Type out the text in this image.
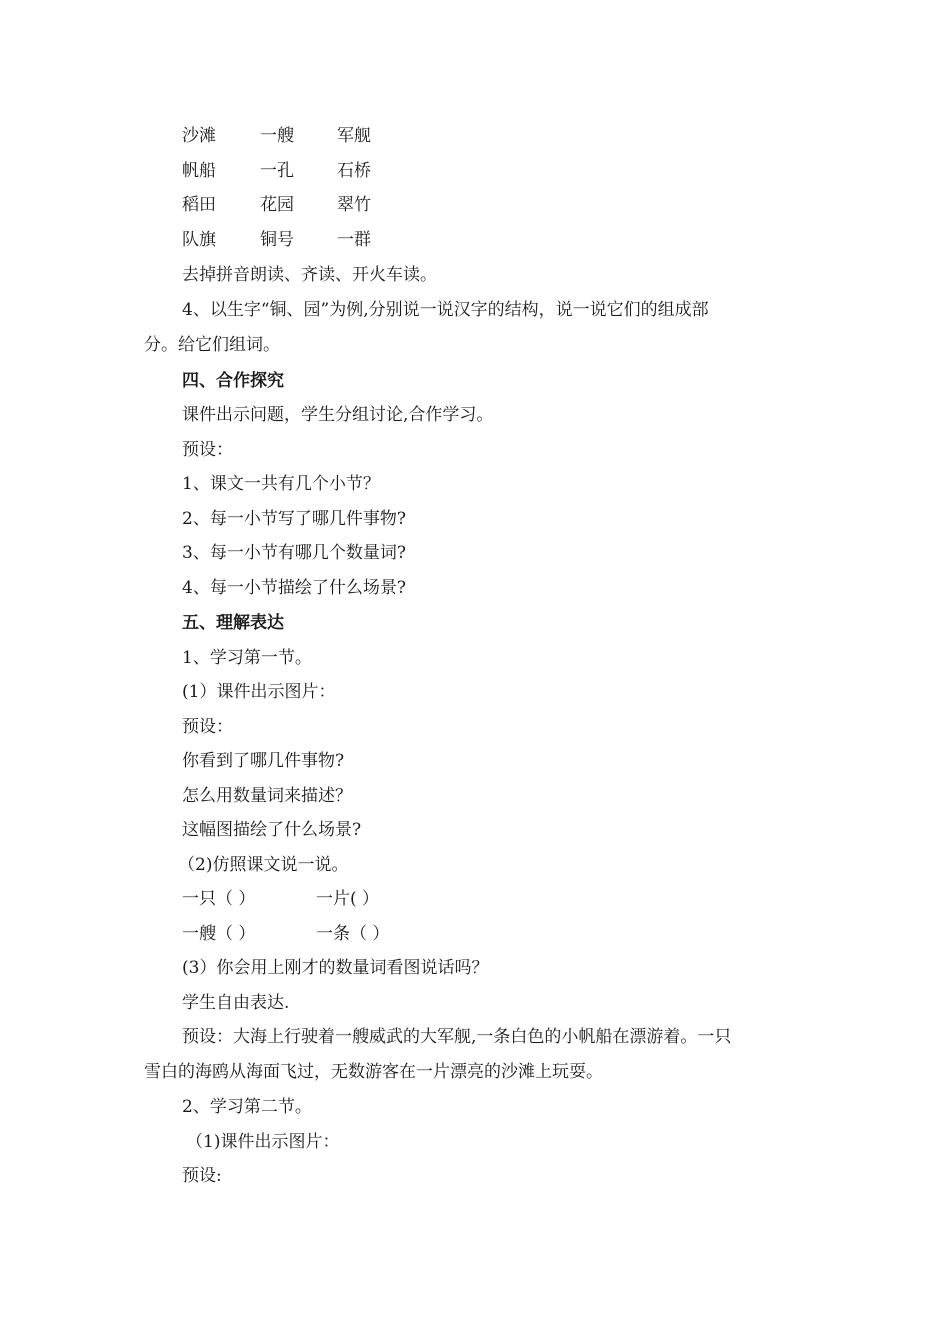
沙滩	一艘	军舰
帆船	一孔	石桥
稻田	花园	翠竹
队旗	铜号	一群
去掉拼音朗读、齐读、开火车读。
4、以生字“铜、园”为例,分别说一说汉字的结构，说一说它们的组成部
分。给它们组词。
四、合作探究
课件出示问题，学生分组讨论,合作学习。
预设：
1、课文一共有几个小节？
2、每一小节写了哪几件事物?
3、每一小节有哪几个数量词?
4、每一小节描绘了什么场景?
五、理解表达
1、学习第一节。
(1）课件出示图片：
预设：
你看到了哪几件事物?
怎么用数量词来描述？
这幅图描绘了什么场景?
（2)仿照课文说一说。
一只（ ）	一片( ）
一艘（ ）	一条（ ）
(3）你会用上刚才的数量词看图说话吗？
学生自由表达.
预设：大海上行驶着一艘威武的大军舰,一条白色的小帆船在漂游着。一只
雪白的海鸥从海面飞过，无数游客在一片漂亮的沙滩上玩耍。
2、学习第二节。
（1)课件出示图片：
预设:
